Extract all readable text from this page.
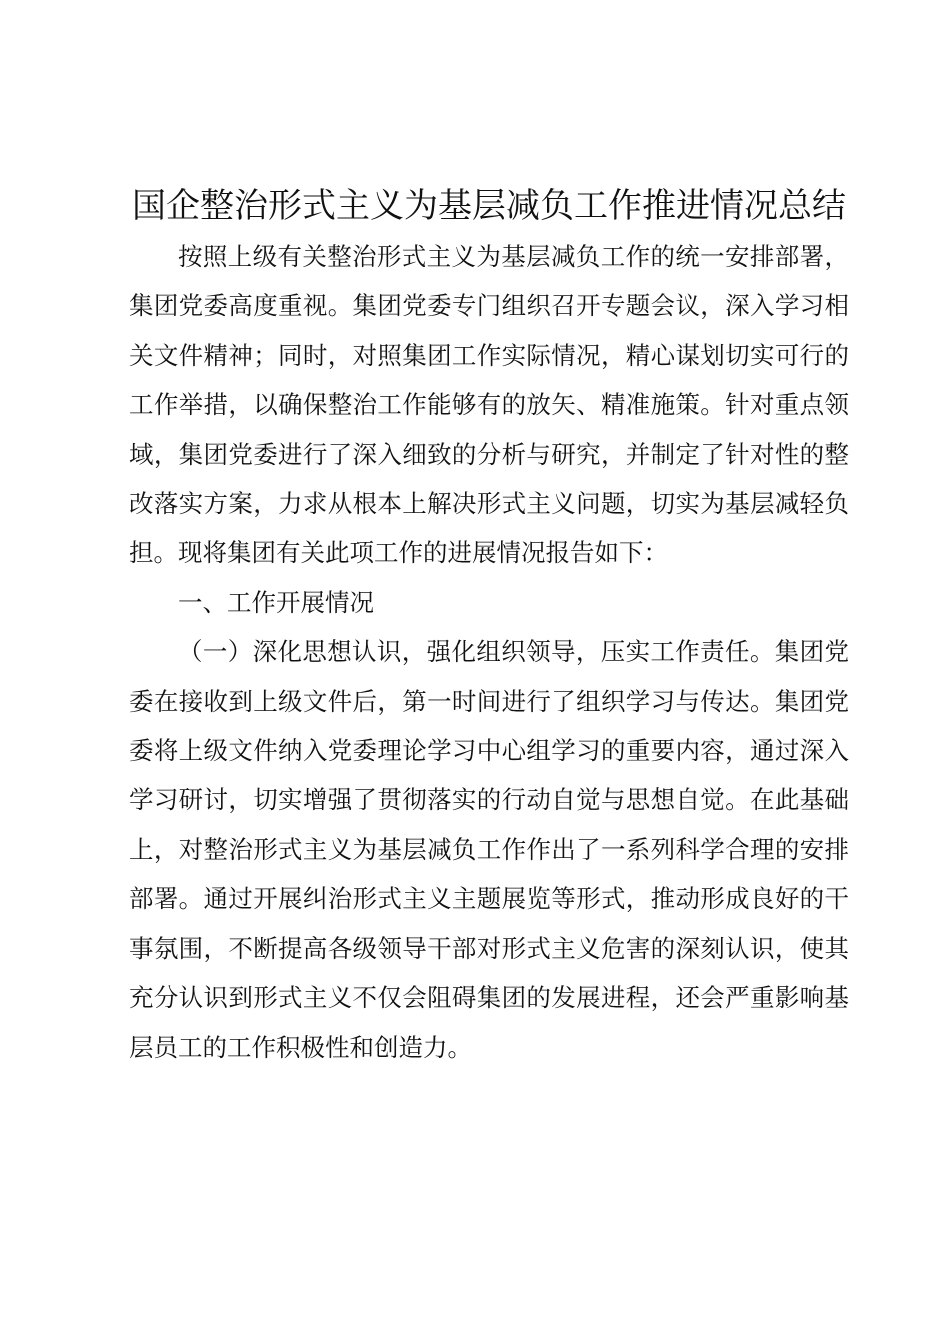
国企整治形式主义为基层减负工作推进情况总结

按照上级有关整治形式主义为基层减负工作的统一安排部署，集团党委高度重视。集团党委专门组织召开专题会议，深入学习相关文件精神；同时，对照集团工作实际情况，精心谋划切实可行的工作举措，以确保整治工作能够有的放矢、精准施策。针对重点领域，集团党委进行了深入细致的分析与研究，并制定了针对性的整改落实方案，力求从根本上解决形式主义问题，切实为基层减轻负担。现将集团有关此项工作的进展情况报告如下：

一、工作开展情况

（一）深化思想认识，强化组织领导，压实工作责任。集团党委在接收到上级文件后，第一时间进行了组织学习与传达。集团党委将上级文件纳入党委理论学习中心组学习的重要内容，通过深入学习研讨，切实增强了贯彻落实的行动自觉与思想自觉。在此基础上，对整治形式主义为基层减负工作作出了一系列科学合理的安排部署。通过开展纠治形式主义主题展览等形式，推动形成良好的干事氛围，不断提高各级领导干部对形式主义危害的深刻认识，使其充分认识到形式主义不仅会阻碍集团的发展进程，还会严重影响基层员工的工作积极性和创造力。
